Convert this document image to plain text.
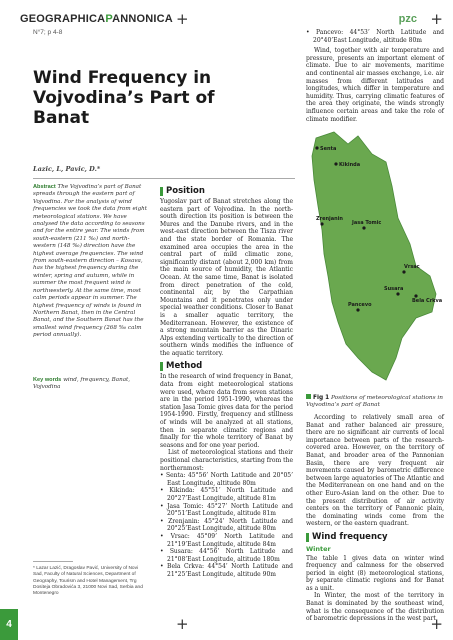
GEOGRAPHICAPANNONICA +	pzc +
N°7; p 4-8
Wind Frequency in Vojvodina’s Part of Banat
Lazic, L, Pavic, D.*
Abstract The Vojvodina’s part of Banat spreads through the eastern part of Vojvodina. For the analysis of wind frequencies we took the data from eight meteorological stations. We have analysed the data according to seasons and for the entire year. The winds from south-eastern (211 ‰) and north-western (148 ‰) direction have the highest average frequencies. The wind from south-eastern direction – Kosava, has the highest frequency during the winter, spring and autumn, while in summer the most frequent wind is northwesterly. At the same time, most calm periods appear in summer. The highest frequency of winds is found in Northern Banat, then in the Central Banat, and the Southern Banat has the smallest wind frequency (268 ‰ calm period annually).
Key words wind, frequency, Banat, Vojvodina
* Lazar Lazić, Dragoslav Pavić, University of Novi Sad, Faculty of Natural Sciences, Department of Geography, Tourism and Hotel Management, Trg Dositeja Obradovića 3, 21000 Novi Sad, Serbia and Montenegro
4	+	+
Position

Yugoslav part of Banat stretches along the eastern part of Vojvodina. In the north-south direction its position is between the Mures and the Danube rivers, and in the west-east direction between the Tisza river and the state border of Romania. The examined area occupies the area in the central part of mild climatic zone, significantly distant (about 2,000 km) from the main source of humidity, the Atlantic Ocean. At the same time, Banat is isolated from direct penetration of the cold, continental air, by the Carpathian Mountains and it penetrates only under special weather conditions. Closer to Banat is a smaller aquatic territory, the Mediterranean. However, the existence of a strong mountain barrier as the Dinaric Alps extending vertically to the direction of southern winds modifies the influence of the aquatic territory.

Method

In the research of wind frequency in Banat, data from eight meteorological stations were used, where data from seven stations are in the period 1951-1990, whereas the station Jasa Tomic gives data for the period 1954-1990. Firstly, frequency and stillness of winds will be analyzed at all stations, then in separate climatic regions and finally for the whole territory of Banat by seasons and for one year period.

List of meteorological stations and their positional characteristics, starting from the northernmost:

• Senta: 45°56’ North Latitude and 20°05’ East Longitude, altitude 80m
• Kikinda: 45°51’ North Latitude and 20°27’East Longitude, altitude 81m
• Jasa Tomic: 45°27’ North Latitude and 20°51’East Longitude, altitude 81m
• Zrenjanin: 45°24’ North Latitude and 20°25’East Longitude, altitude 80m
• Vrsac: 45°09’ North Latitude and 21°19’East Longitude, altitude 84m
• Susara: 44°56’ North Latitude and 21°08’East Longitude, altitude 180m
• Bela Crkva: 44°54’ North Latitude and 21°25’East Longitude, altitude 90m
• Pancevo: 44°53’ North Latitude and 20°40’East Longitude, altitude 80m

Wind, together with air temperature and pressure, presents an important element of climate. Due to air movements, maritime and continental air masses exchange, i.e. air masses from different latitudes and longitudes, which differ in temperature and humidity. Thus, carrying climatic features of the area they originate, the winds strongly influence certain areas and take the role of climate modifier.

Senta
Kikinda
Zrenjanin
Jasa Tomic
Vrsac
Susara
Bela Crkva
Pancevo
Fig 1 Positions of meteorological stations in Vojvodina’s part of Banat

According to relatively small area of Banat and rather balanced air pressure, there are no significant air currents of local importance between parts of the research-covered area. However, on the territory of Banat, and broader area of the Pannonian Basin, there are very frequent air movements caused by barometric difference between large aquatories of The Atlantic and the Mediterranean on one hand and on the other Euro-Asian land on the other. Due to the present distribution of air activity centers on the territory of Pannonic plain, the dominating winds come from the western, or the eastern quadrant.

Wind frequency
Winter

The table 1 gives data on winter wind frequency and calmness for the observed period in eight (8) meteorological stations, by separate climatic regions and for Banat as a unit.

In Winter, the most of the territory in Banat is dominated by the southeast wind, what is the consequence of the distribution of barometric depressions in the west part
